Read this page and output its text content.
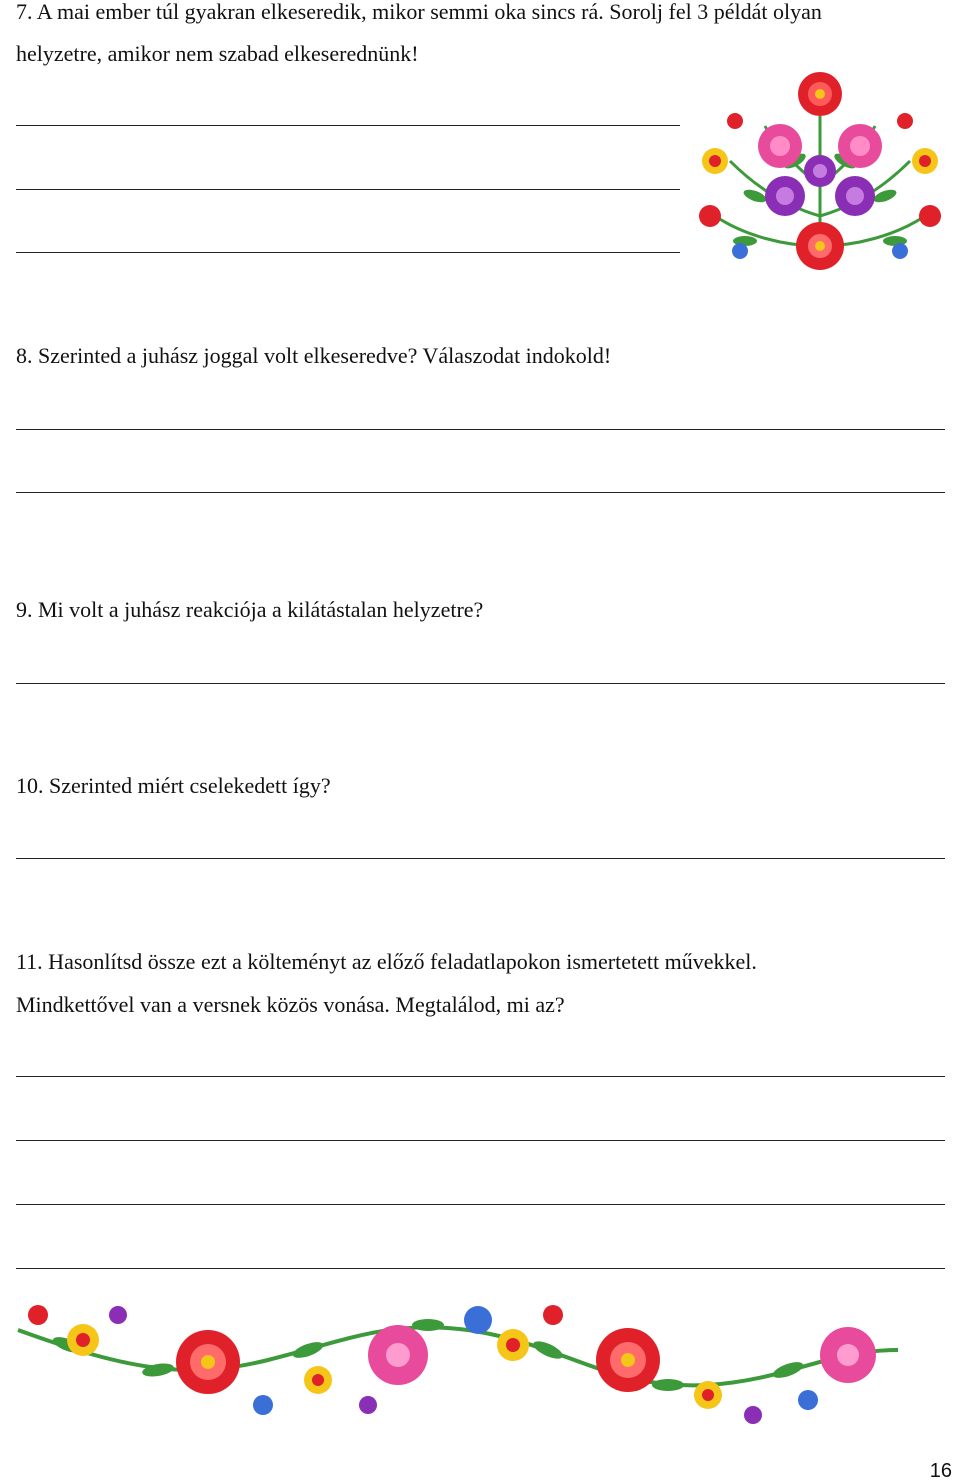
7. A mai ember túl gyakran elkeseredik, mikor semmi oka sincs rá. Sorolj fel 3 példát olyan

helyzetre, amikor nem szabad elkeserednünk!

8. Szerinted a juhász joggal volt elkeseredve? Válaszodat indokold!

9. Mi volt a juhász reakciója a kilátástalan helyzetre?

10. Szerinted miért cselekedett így?

11. Hasonlítsd össze ezt a költeményt az előző feladatlapokon ismertetett művekkel.

Mindkettővel van a versnek közös vonása. Megtalálod, mi az?

16
